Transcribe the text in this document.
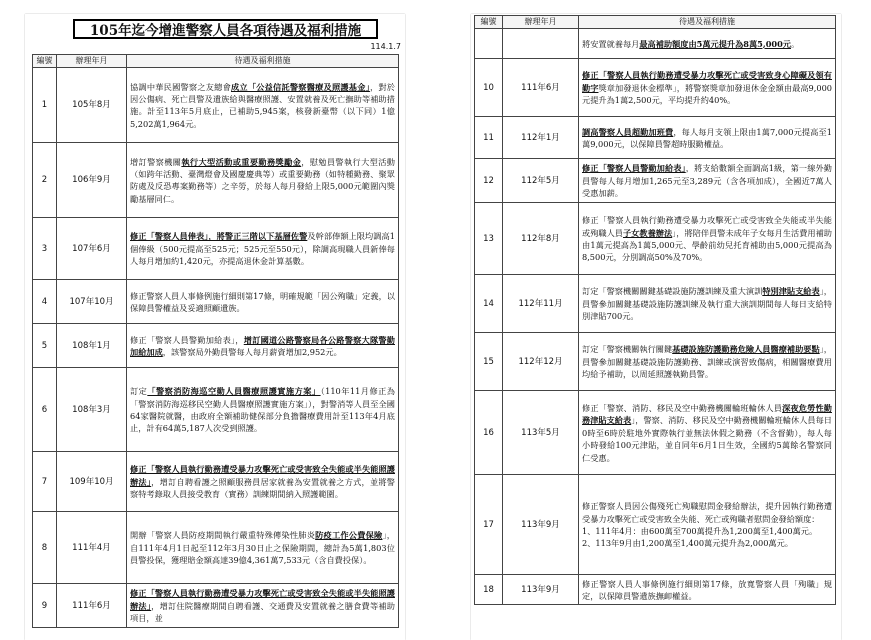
105年迄今增進警察人員各項待遇及福利措施
114.1.7
編號	辦理年月	待遇及福利措施
1	105年8月	協調中華民國警察之友總會成立「公益信託警察醫療及照護基金」，對於因公傷病、死亡員警及遺族給與醫療照護、安置就養及死亡撫助等補助措施。計至113年5月底止，已補助5,945案，核發新臺幣（以下同）1億5,202萬1,964元。
2	106年9月	增訂警察機關執行大型活動或重要勤務獎勵金，慰勉員警執行大型活動（如跨年活動、臺灣燈會及國慶慶典等）或重要勤務（如特種勤務、聚眾防處及反恐專案勤務等）之辛勞，於每人每月發給上限5,000元範圍內獎勵基層同仁。
3	107年6月	修正「警察人員俸表」，將警正三階以下基層佐警及幹部俸額上限均調高1個俸級（500元提高至525元；525元至550元），除調高現職人員新俸每人每月增加約1,420元，亦提高退休金計算基數。
4	107年10月	修正警察人員人事條例施行細則第17條，明確規範「因公殉職」定義，以保障員警權益及妥適照顧遺族。
5	108年1月	修正「警察人員警勤加給表」，增訂國道公路警察局各公路警察大隊警勤加給加成，該警察局外勤員警每人每月薪資增加2,952元。
6	108年3月	訂定「警察消防海巡空勤人員醫療照護實施方案」（110年11月修正為「警察消防海巡移民空勤人員醫療照護實施方案」），對警消等人員至全國64家醫院就醫，由政府全額補助健保部分負擔醫療費用計至113年4月底止，計有64萬5,187人次受到照護。
7	109年10月	修正「警察人員執行勤務遭受暴力攻擊死亡或受害致全失能或半失能照護辦法」，增訂自聘看護之照顧服務員居家就養為安置就養之方式，並將警察特考錄取人員接受教育（實務）訓練期間納入照護範圍。
8	111年4月	開辦「警察人員防疫期間執行嚴重特殊傳染性肺炎防疫工作公費保險」，自111年4月1日起至112年3月30日止之保險期間，總計為5萬1,803位員警投保，獲理賠金額高達39億4,361萬7,533元（含自費投保）。
9	111年6月	修正「警察人員執行勤務遭受暴力攻擊死亡或受害致全失能或半失能照護辦法」，增訂住院醫療期間自聘看護、交通費及安置就養之膳食費等補助項目，並
編號	辦理年月	待遇及福利措施
		將安置就養每月最高補助額度由5萬元提升為8萬5,000元。
10	111年6月	修正「警察人員執行勤務遭受暴力攻擊死亡或受害致身心障礙及領有勤字獎章加發退休金標準」，將警察獎章加發退休金金額由最高9,000元提升為1萬2,500元，平均提升約40%。
11	112年1月	調高警察人員超勤加班費，每人每月支領上限由1萬7,000元提高至1萬9,000元，以保障員警超時服勤權益。
12	112年5月	修正「警察人員警勤加給表」，將支給數額全面調高1級，第一線外勤員警每人每月增加1,265元至3,289元（含各項加成），全國近7萬人受惠加薪。
13	112年8月	修正「警察人員執行勤務遭受暴力攻擊死亡或受害致全失能或半失能或殉職人員子女教養辦法」，將陪伴員警未成年子女每月生活費用補助由1萬元提高為1萬5,000元、學齡前幼兒托育補助由5,000元提高為8,500元，分別調高50%及70%。
14	112年11月	訂定「警察機關關鍵基礎設施防護訓練及重大演訓特別津貼支給表」，員警參加關鍵基礎設施防護訓練及執行重大演訓期間每人每日支給特別津貼700元。
15	112年12月	訂定「警察機關執行關鍵基礎設施防護勤務危險人員醫療補助要點」，員警參加關鍵基礎設施防護勤務、訓練或演習致傷病，相關醫療費用均給予補助，以周延照護執勤員警。
16	113年5月	修正「警察、消防、移民及空中勤務機關輪班輪休人員深夜危勞性勤務津貼支給表」，警察、消防、移民及空中勤務機關輪班輪休人員每日0時至6時於駐地外實際執行並無法休假之勤務（不含督勤），每人每小時發給100元津貼，並自同年6月1日生效，全國約5萬餘名警察同仁受惠。
17	113年9月	修正警察人員因公傷殘死亡殉職慰問金發給辦法，提升因執行勤務遭受暴力攻擊死亡或受害致全失能、死亡或殉職者慰問金發給額度：
1、111年4月：由600萬至700萬提升為1,200萬至1,400萬元。
2、113年9月由1,200萬至1,400萬元提升為2,000萬元。

18	113年9月	修正警察人員人事條例施行細則第17條，放寬警察人員「殉職」規定，以保障員警遺族撫卹權益。
